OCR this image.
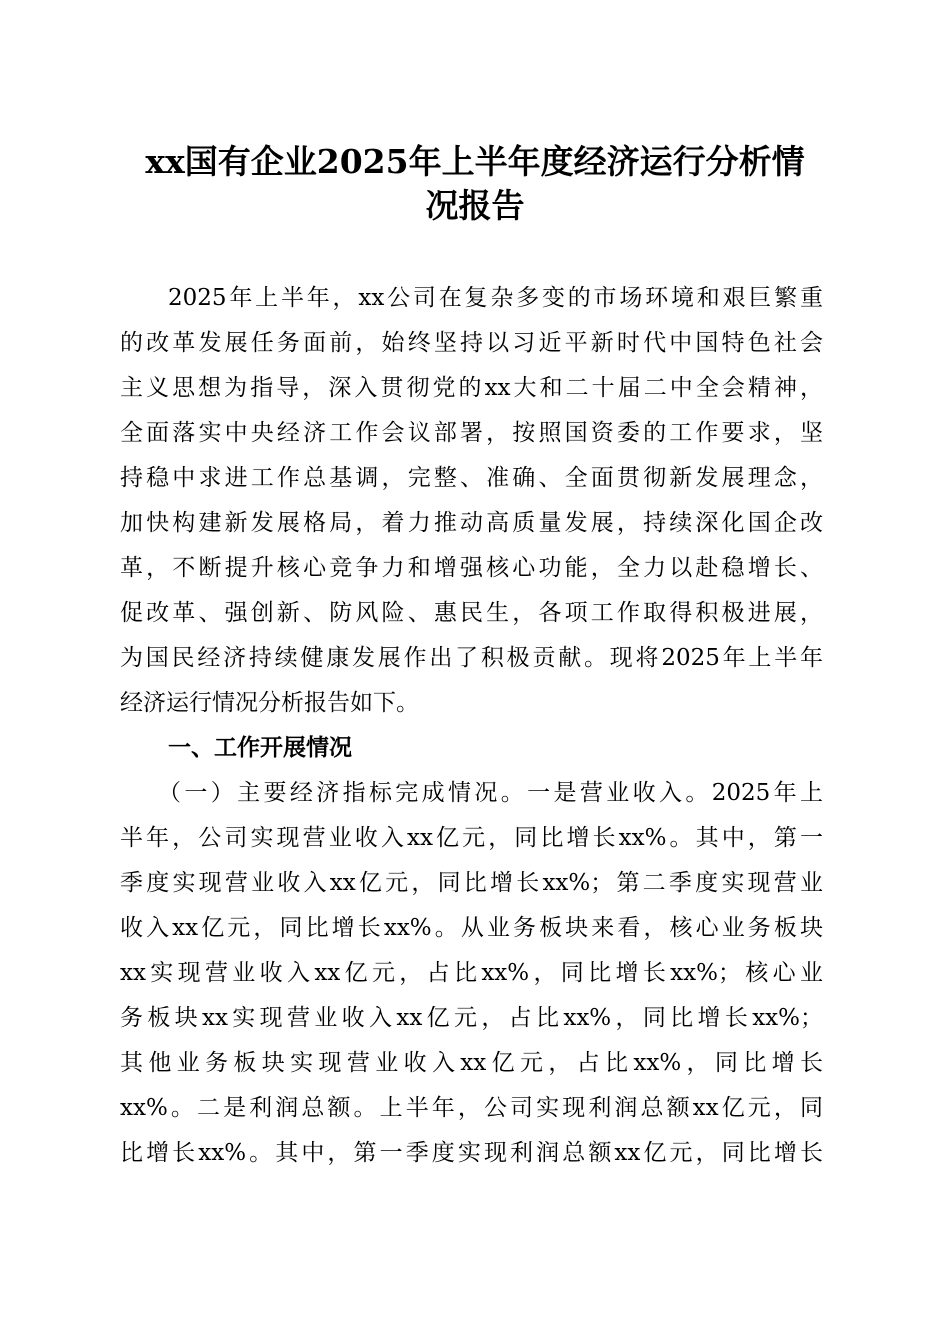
xx国有企业2025年上半年度经济运行分析情
况报告
2025年上半年，xx公司在复杂多变的市场环境和艰巨繁重
的改革发展任务面前，始终坚持以习近平新时代中国特色社会
主义思想为指导，深入贯彻党的xx大和二十届二中全会精神，
全面落实中央经济工作会议部署，按照国资委的工作要求，坚
持稳中求进工作总基调，完整、准确、全面贯彻新发展理念，
加快构建新发展格局，着力推动高质量发展，持续深化国企改
革，不断提升核心竞争力和增强核心功能，全力以赴稳增长、
促改革、强创新、防风险、惠民生，各项工作取得积极进展，
为国民经济持续健康发展作出了积极贡献。现将2025年上半年
经济运行情况分析报告如下。
一、工作开展情况
（一）主要经济指标完成情况。一是营业收入。2025年上
半年，公司实现营业收入xx亿元，同比增长xx%。其中，第一
季度实现营业收入xx亿元，同比增长xx%；第二季度实现营业
收入xx亿元，同比增长xx%。从业务板块来看，核心业务板块
xx实现营业收入xx亿元，占比xx%，同比增长xx%；核心业
务板块xx实现营业收入xx亿元，占比xx%，同比增长xx%；
其他业务板块实现营业收入xx亿元，占比xx%，同比增长
xx%。二是利润总额。上半年，公司实现利润总额xx亿元，同
比增长xx%。其中，第一季度实现利润总额xx亿元，同比增长
